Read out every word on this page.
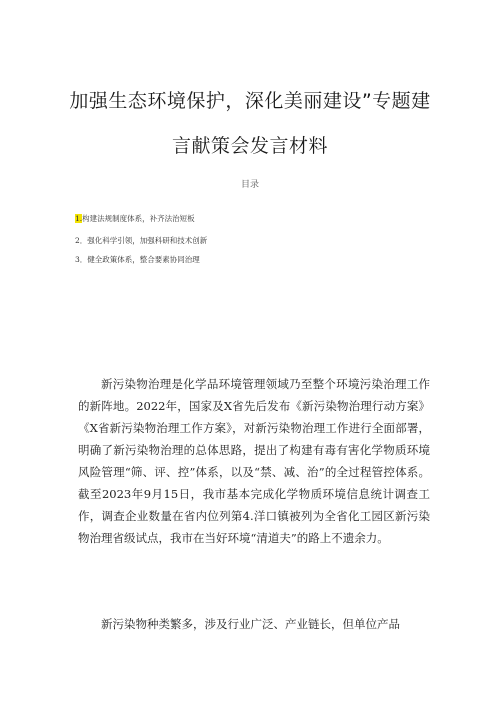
加强生态环境保护，深化美丽建设”专题建
言献策会发言材料
目录
1.构建法规制度体系，补齐法治短板
2．强化科学引领，加强科研和技术创新
3．健全政策体系，整合要素协同治理

新污染物治理是化学品环境管理领域乃至整个环境污染治理工作的新阵地。2022年，国家及X省先后发布《新污染物治理行动方案》《X省新污染物治理工作方案》，对新污染物治理工作进行全面部署，明确了新污染物治理的总体思路，提出了构建有毒有害化学物质环境风险管理“筛、评、控”体系，以及“禁、减、治”的全过程管控体系。截至2023年9月15日，我市基本完成化学物质环境信息统计调查工作，调查企业数量在省内位列第4.洋口镇被列为全省化工园区新污染物治理省级试点，我市在当好环境“清道夫”的路上不遗余力。

新污染物种类繁多，涉及行业广泛、产业链长，但单位产品
